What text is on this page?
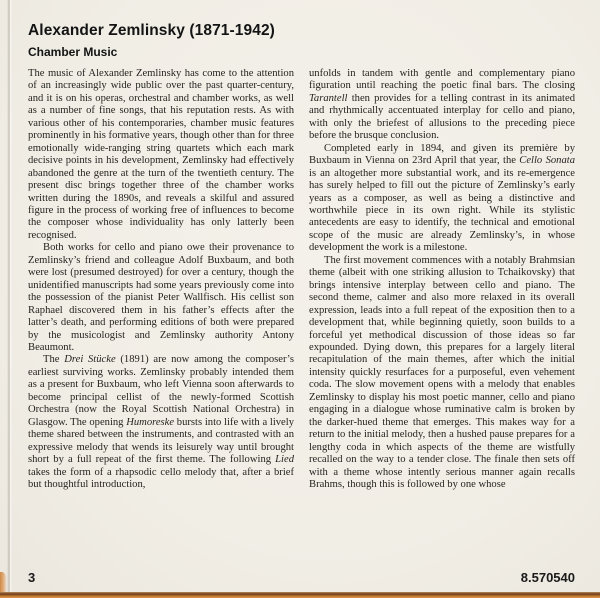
Alexander Zemlinsky (1871-1942)
Chamber Music

The music of Alexander Zemlinsky has come to the attention of an increasingly wide public over the past quarter-century, and it is on his operas, orchestral and chamber works, as well as a number of fine songs, that his reputation rests. As with various other of his contemporaries, chamber music features prominently in his formative years, though other than for three emotionally wide-ranging string quartets which each mark decisive points in his development, Zemlinsky had effectively abandoned the genre at the turn of the twentieth century. The present disc brings together three of the chamber works written during the 1890s, and reveals a skilful and assured figure in the process of working free of influences to become the composer whose individuality has only latterly been recognised.

Both works for cello and piano owe their provenance to Zemlinsky’s friend and colleague Adolf Buxbaum, and both were lost (presumed destroyed) for over a century, though the unidentified manuscripts had some years previously come into the possession of the pianist Peter Wallfisch. His cellist son Raphael discovered them in his father’s effects after the latter’s death, and performing editions of both were prepared by the musicologist and Zemlinsky authority Antony Beaumont.

The Drei Stücke (1891) are now among the composer’s earliest surviving works. Zemlinsky probably intended them as a present for Buxbaum, who left Vienna soon afterwards to become principal cellist of the newly-formed Scottish Orchestra (now the Royal Scottish National Orchestra) in Glasgow. The opening Humoreske bursts into life with a lively theme shared between the instruments, and contrasted with an expressive melody that wends its leisurely way until brought short by a full repeat of the first theme. The following Lied takes the form of a rhapsodic cello melody that, after a brief but thoughtful introduction,

unfolds in tandem with gentle and complementary piano figuration until reaching the poetic final bars. The closing Tarantell then provides for a telling contrast in its animated and rhythmically accentuated interplay for cello and piano, with only the briefest of allusions to the preceding piece before the brusque conclusion.

Completed early in 1894, and given its première by Buxbaum in Vienna on 23rd April that year, the Cello Sonata is an altogether more substantial work, and its re-emergence has surely helped to fill out the picture of Zemlinsky’s early years as a composer, as well as being a distinctive and worthwhile piece in its own right. While its stylistic antecedents are easy to identify, the technical and emotional scope of the music are already Zemlinsky’s, in whose development the work is a milestone.

The first movement commences with a notably Brahmsian theme (albeit with one striking allusion to Tchaikovsky) that brings intensive interplay between cello and piano. The second theme, calmer and also more relaxed in its overall expression, leads into a full repeat of the exposition then to a development that, while beginning quietly, soon builds to a forceful yet methodical discussion of those ideas so far expounded. Dying down, this prepares for a largely literal recapitulation of the main themes, after which the initial intensity quickly resurfaces for a purposeful, even vehement coda. The slow movement opens with a melody that enables Zemlinsky to display his most poetic manner, cello and piano engaging in a dialogue whose ruminative calm is broken by the darker-hued theme that emerges. This makes way for a return to the initial melody, then a hushed pause prepares for a lengthy coda in which aspects of the theme are wistfully recalled on the way to a tender close. The finale then sets off with a theme whose intently serious manner again recalls Brahms, though this is followed by one whose

3	8.570540
